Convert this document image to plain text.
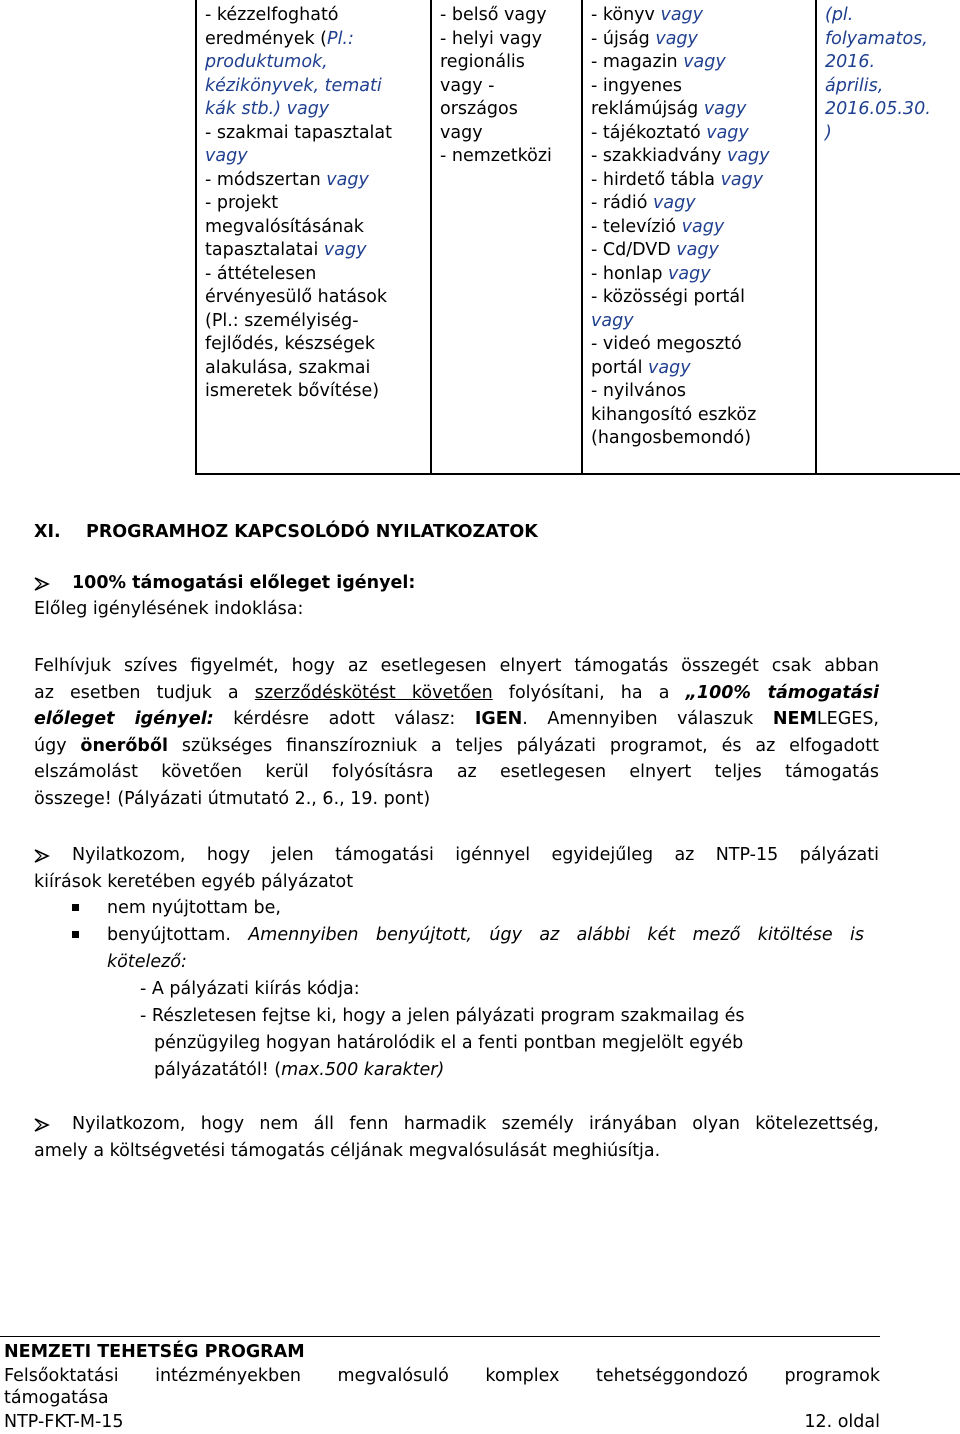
- kézzelfogható
eredmények (Pl.:
produktumok,
kézikönyvek, temati
kák stb.) vagy
- szakmai tapasztalat
vagy
- módszertan vagy
- projekt
megvalósításának
tapasztalatai vagy
- áttételesen
érvényesülő hatások
(Pl.: személyiség-
fejlődés, készségek
alakulása, szakmai
ismeretek bővítése)

- belső vagy
- helyi vagy
regionális
vagy -
országos
vagy
- nemzetközi

- könyv vagy
- újság vagy
- magazin vagy
- ingyenes
reklámújság vagy
- tájékoztató vagy
- szakkiadvány vagy
- hirdető tábla vagy
- rádió vagy
- televízió vagy
- Cd/DVD vagy
- honlap vagy
- közösségi portál
vagy
- videó megosztó
portál vagy
- nyilvános
kihangosító eszköz
(hangosbemondó)

(pl.
folyamatos,
2016.
április,
2016.05.30.
)
XI. PROGRAMHOZ KAPCSOLÓDÓ NYILATKOZATOK
100% támogatási előleget igényel:
Előleg igénylésének indoklása:
Felhívjuk szíves figyelmét, hogy az esetlegesen elnyert támogatás összegét csak abban
az esetben tudjuk a szerződéskötést követően folyósítani, ha a „100% támogatási
előleget igényel: kérdésre adott válasz: IGEN. Amennyiben válaszuk NEMLEGES,
úgy önerőből szükséges finanszírozniuk a teljes pályázati programot, és az elfogadott
elszámolást követően kerül folyósításra az esetlegesen elnyert teljes támogatás
összege! (Pályázati útmutató 2., 6., 19. pont)
Nyilatkozom, hogy jelen támogatási igénnyel egyidejűleg az NTP-15 pályázati
kiírások keretében egyéb pályázatot
nem nyújtottam be,
benyújtottam. Amennyiben benyújtott, úgy az alábbi két mező kitöltése is
kötelező:
- A pályázati kiírás kódja:
- Részletesen fejtse ki, hogy a jelen pályázati program szakmailag és
pénzügyileg hogyan határolódik el a fenti pontban megjelölt egyéb
pályázatától! (max.500 karakter)
Nyilatkozom, hogy nem áll fenn harmadik személy irányában olyan kötelezettség,
amely a költségvetési támogatás céljának megvalósulását meghiúsítja.
NEMZETI TEHETSÉG PROGRAM
Felsőoktatási intézményekben megvalósuló komplex tehetséggondozó programok
támogatása
NTP-FKT-M-15	12. oldal
